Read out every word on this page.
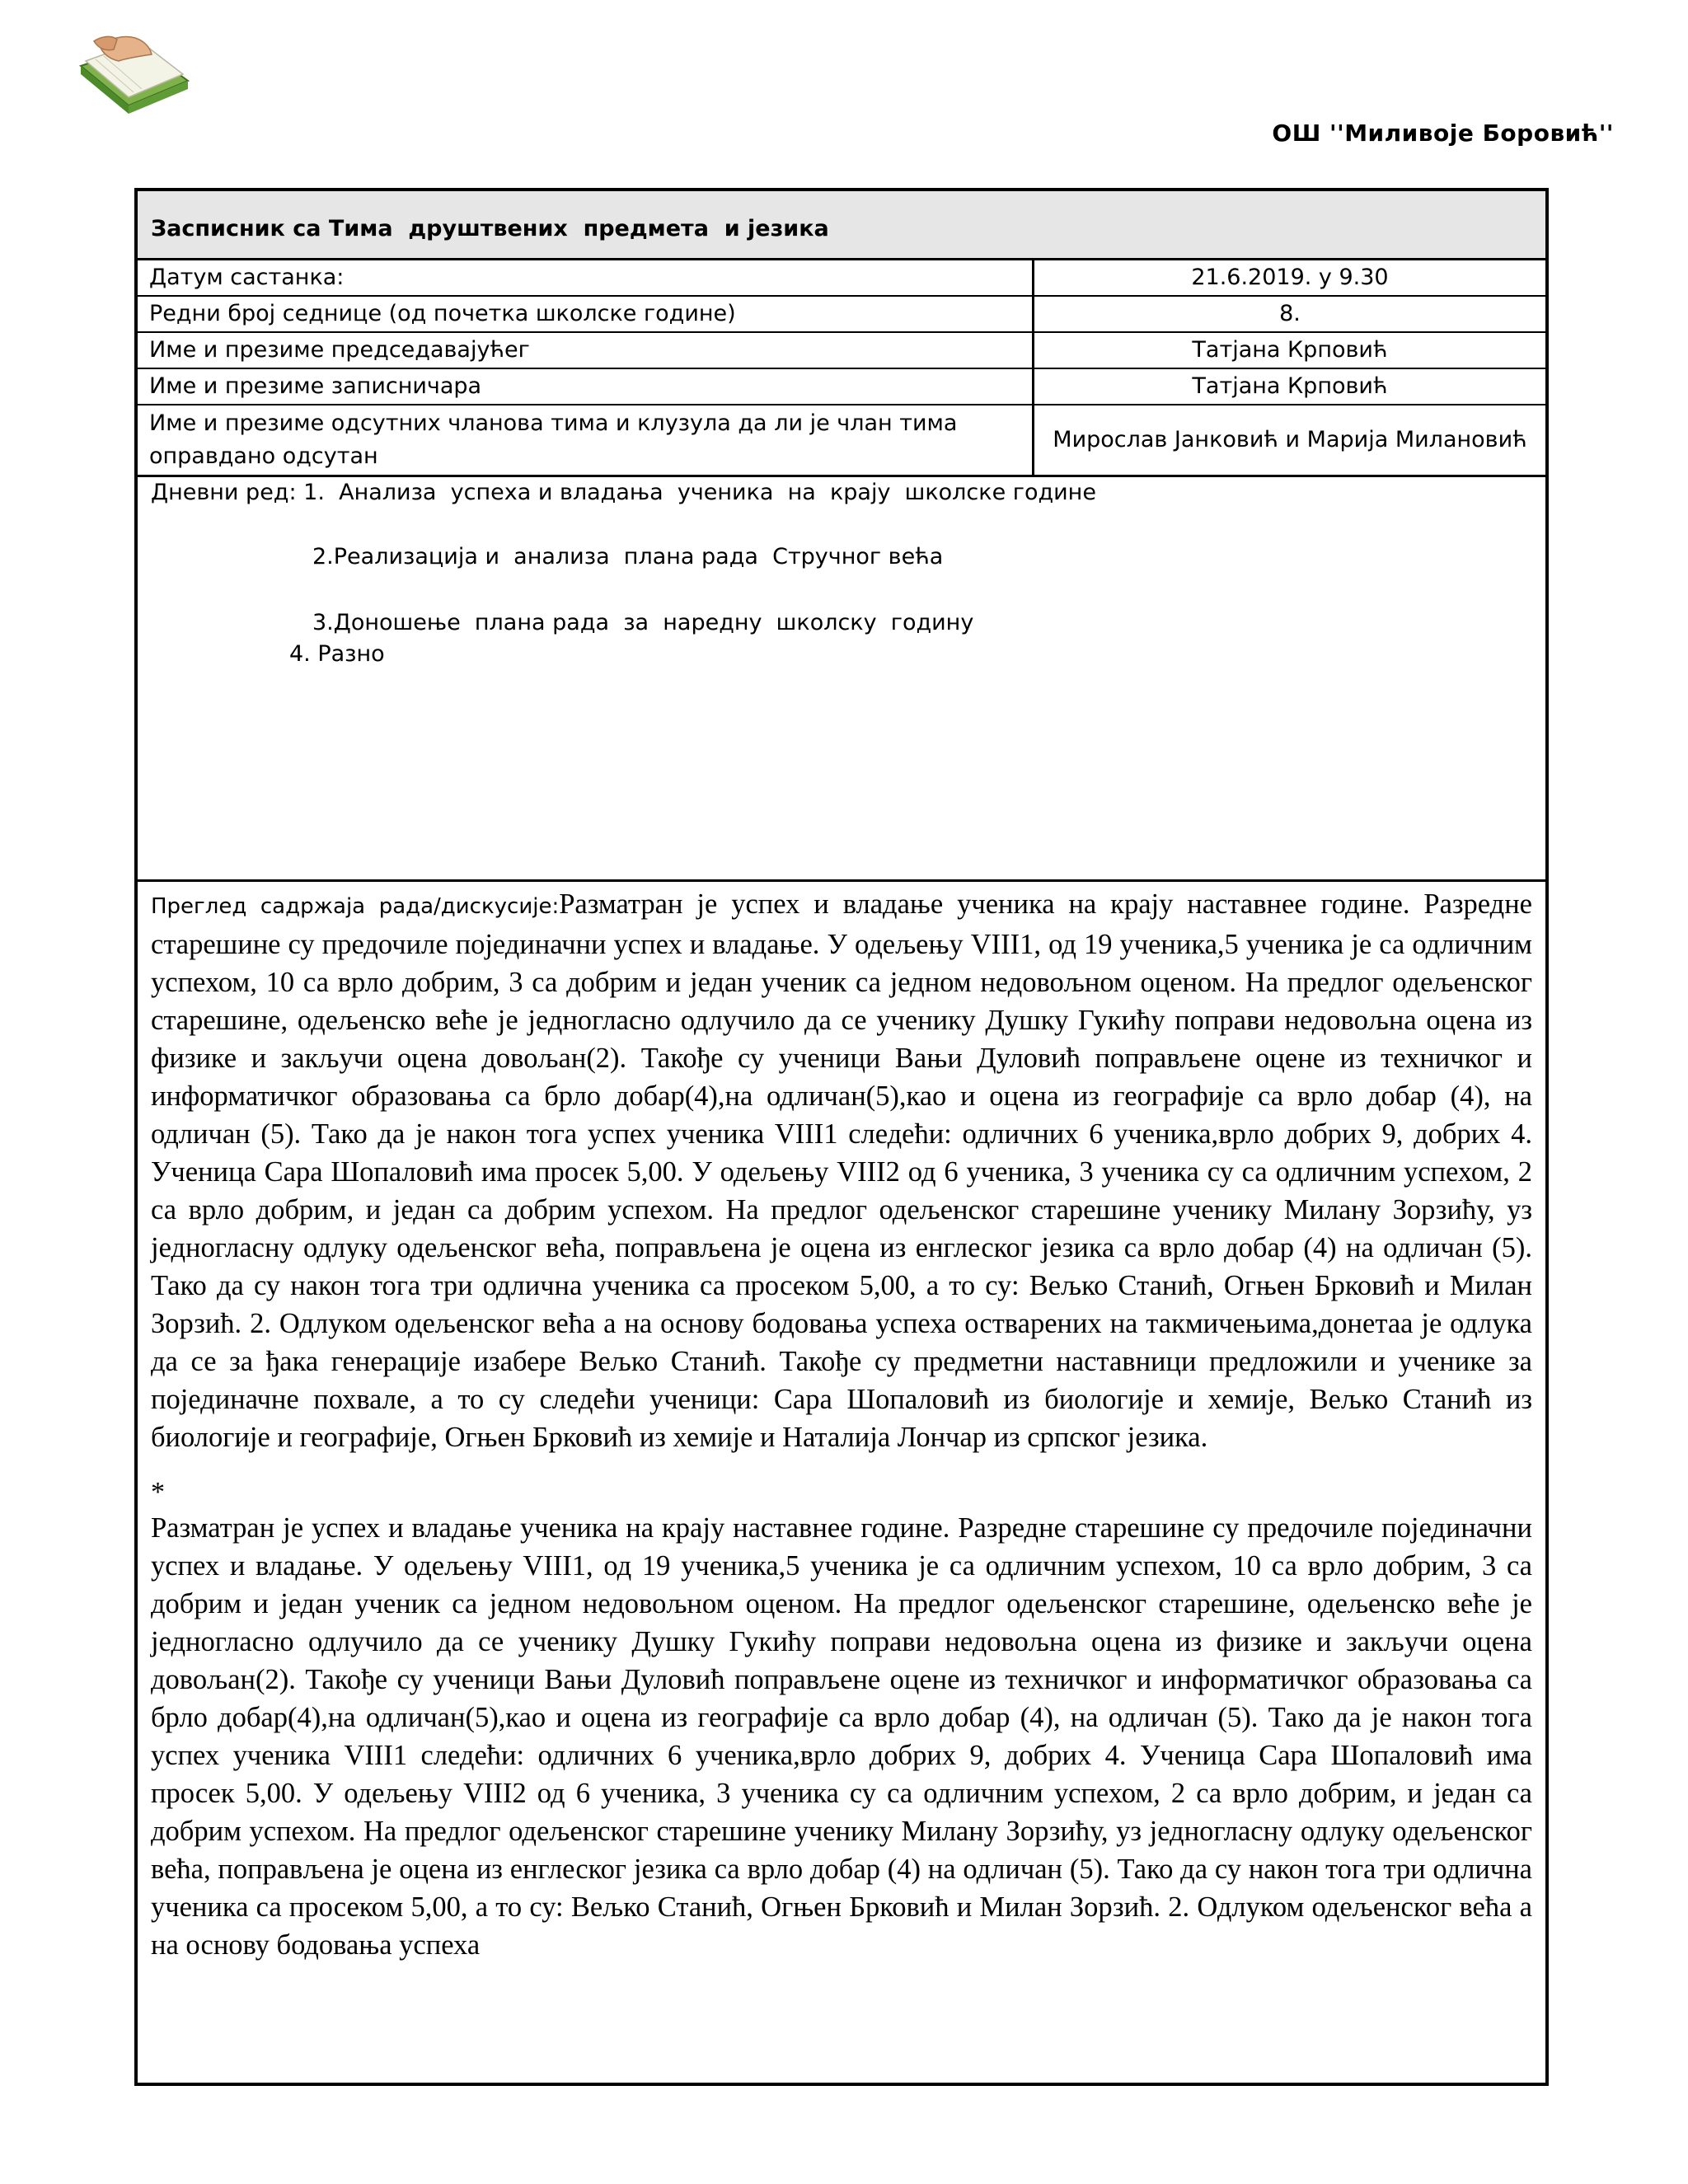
ОШ ''Миливоје Боровић''
Засписник са Тима  друштвених  предмета  и језика
Датум састанка:	21.6.2019. у 9.30
Редни број седнице (од почетка школске године)	8.
Име и презиме председавајућег	Татјана Крповић
Име и презиме записничара	Татјана Крповић
Име и презиме одсутних чланова тима и клузула да ли је члан тима оправдано одсутан	Мирослав Јанковић и Марија Милановић
Дневни ред: 1.  Анализа  успеха и владања  ученика  на  крају  школске године
2.Реализација и  анализа  плана рада  Стручног већа
3.Доношење  плана рада  за  наредну  школску  годину
4. Разно

Преглед садржаја рада/дискусије:Разматран је успех и владање ученика на крају наставнее године. Разредне старешине су предочиле појединачни успех и владање. У одељењу VIII1, од 19 ученика,5 ученика је са одличним успехом, 10 са врло добрим, 3 са добрим и један ученик са једном недовољном оценом. На предлог одељенског старешине, одељенско веће је једногласно одлучило да се ученику Душку Гукићу поправи недовољна оцена из физике и закључи оцена довољан(2). Такође су ученици Вањи Дуловић поправљене оцене из техничког и информатичког образовања са брло добар(4),на одличан(5),као и оцена из географије са врло добар (4), на одличан (5). Тако да је након тога успех ученика VIII1 следећи: одличних 6 ученика,врло добрих 9, добрих 4. Ученица Сара Шопаловић има просек 5,00. У одељењу VIII2 од 6 ученика, 3 ученика су са одличним успехом, 2 са врло добрим, и један са добрим успехом. На предлог одељенског старешине ученику Милану Зорзићу, уз једногласну одлуку одељенског већа, поправљена је оцена из енглеског језика са врло добар (4) на одличан (5). Тако да су након тога три одлична ученика са просеком 5,00, а то су: Вељко Станић, Огњен Брковић и Милан Зорзић. 2. Одлуком одељенског већа а на основу бодовања успеха остварених на такмичењима,донетаа је одлука да се за ђака генерације изабере Вељко Станић. Такође су предметни наставници предложили и ученике за појединачне похвале, а то су следећи ученици: Сара Шопаловић из биологије и хемије, Вељко Станић из биологије и географије, Огњен Брковић из хемије и Наталија Лончар из српског језика.

*

Разматран је успех и владање ученика на крају наставнее године. Разредне старешине су предочиле појединачни успех и владање. У одељењу VIII1, од 19 ученика,5 ученика је са одличним успехом, 10 са врло добрим, 3 са добрим и један ученик са једном недовољном оценом. На предлог одељенског старешине, одељенско веће је једногласно одлучило да се ученику Душку Гукићу поправи недовољна оцена из физике и закључи оцена довољан(2). Такође су ученици Вањи Дуловић поправљене оцене из техничког и информатичког образовања са брло добар(4),на одличан(5),као и оцена из географије са врло добар (4), на одличан (5). Тако да је након тога успех ученика VIII1 следећи: одличних 6 ученика,врло добрих 9, добрих 4. Ученица Сара Шопаловић има просек 5,00. У одељењу VIII2 од 6 ученика, 3 ученика су са одличним успехом, 2 са врло добрим, и један са добрим успехом. На предлог одељенског старешине ученику Милану Зорзићу, уз једногласну одлуку одељенског већа, поправљена је оцена из енглеског језика са врло добар (4) на одличан (5). Тако да су након тога три одлична ученика са просеком 5,00, а то су: Вељко Станић, Огњен Брковић и Милан Зорзић. 2. Одлуком одељенског већа а на основу бодовања успеха
